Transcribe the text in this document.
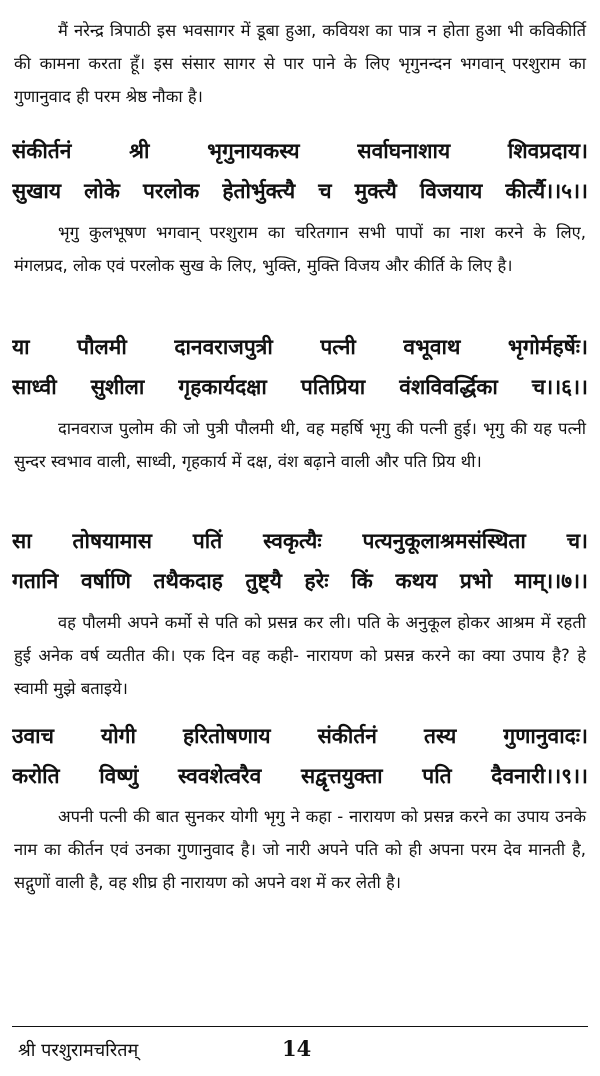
मैं नरेन्द्र त्रिपाठी इस भवसागर में डूबा हुआ, कवियश का पात्र न होता हुआ भी कविकीर्ति की कामना करता हूँ। इस संसार सागर से पार पाने के लिए भृगुनन्दन भगवान् परशुराम का गुणानुवाद ही परम श्रेष्ठ नौका है।

संकीर्तनं श्री भृगुनायकस्य सर्वाघनाशाय शिवप्रदाय।
सुखाय लोके परलोक हेतोर्भुक्त्यै च मुक्त्यै विजयाय कीर्त्यै।।५।।

भृगु कुलभूषण भगवान् परशुराम का चरितगान सभी पापों का नाश करने के लिए, मंगलप्रद, लोक एवं परलोक सुख के लिए, भुक्ति, मुक्ति विजय और कीर्ति के लिए है।

या पौलमी दानवराजपुत्री पत्नी वभूवाथ भृगोर्महर्षेः।
साध्वी सुशीला गृहकार्यदक्षा पतिप्रिया वंशविवर्द्धिका च।।६।।

दानवराज पुलोम की जो पुत्री पौलमी थी, वह महर्षि भृगु की पत्नी हुई। भृगु की यह पत्नी सुन्दर स्वभाव वाली, साध्वी, गृहकार्य में दक्ष, वंश बढ़ाने वाली और पति प्रिय थी।

सा तोषयामास पतिं स्वकृत्यैः पत्यनुकूलाश्रमसंस्थिता च।
गतानि वर्षाणि तथैकदाह तुष्ट्यै हरेः किं कथय प्रभो माम्।।७।।

वह पौलमी अपने कर्मो से पति को प्रसन्न कर ली। पति के अनुकूल होकर आश्रम में रहती हुई अनेक वर्ष व्यतीत की। एक दिन वह कही- नारायण को प्रसन्न करने का क्या उपाय है? हे स्वामी मुझे बताइये।

उवाच योगी हरितोषणाय संकीर्तनं तस्य गुणानुवादः।
करोति विष्णुं स्ववशेत्वरैव सद्वृत्तयुक्ता पति दैवनारी।।९।।

अपनी पत्नी की बात सुनकर योगी भृगु ने कहा - नारायण को प्रसन्न करने का उपाय उनके नाम का कीर्तन एवं उनका गुणानुवाद है। जो नारी अपने पति को ही अपना परम देव मानती है, सद्गुणों वाली है, वह शीघ्र ही नारायण को अपने वश में कर लेती है।

श्री परशुरामचरितम्	14
